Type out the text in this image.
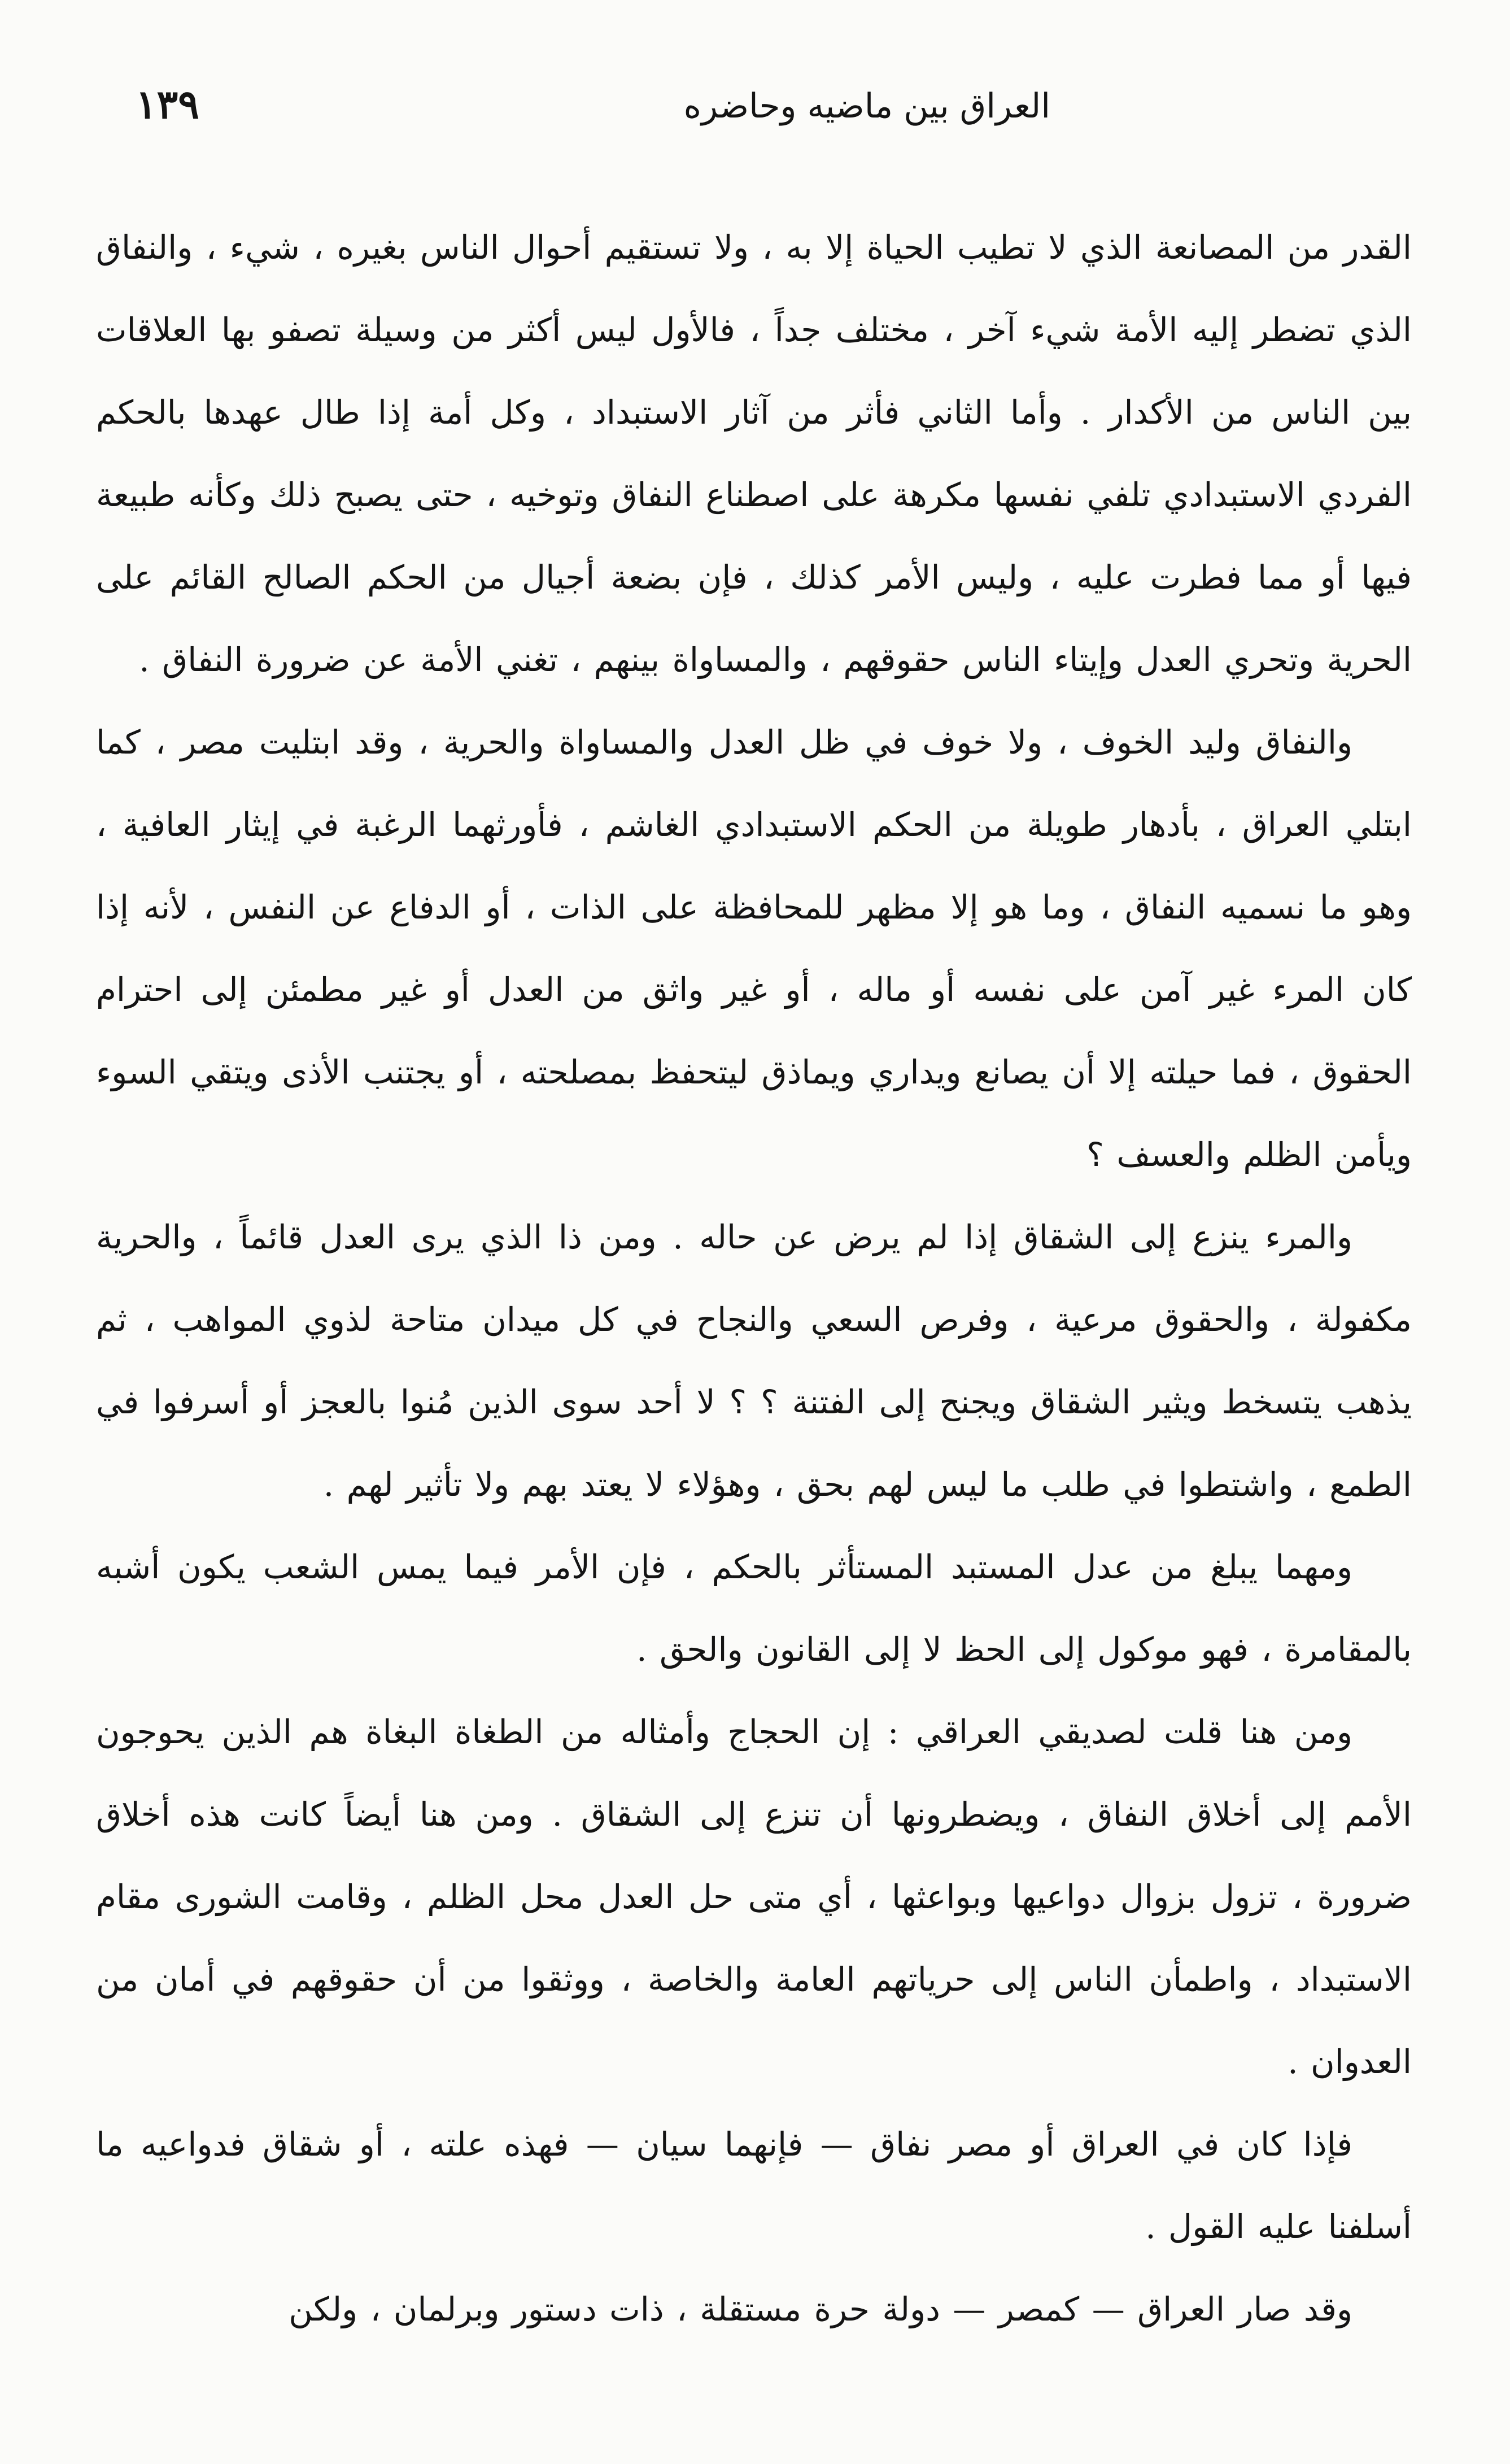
العراق بين ماضيه وحاضره
١٣٩

القدر من المصانعة الذي لا تطيب الحياة إلا به ، ولا تستقيم أحوال الناس بغيره ، شيء ، والنفاق الذي تضطر إليه الأمة شيء آخر ، مختلف جداً ، فالأول ليس أكثر من وسيلة تصفو بها العلاقات بين الناس من الأكدار . وأما الثاني فأثر من آثار الاستبداد ، وكل أمة إذا طال عهدها بالحكم الفردي الاستبدادي تلفي نفسها مكرهة على اصطناع النفاق وتوخيه ، حتى يصبح ذلك وكأنه طبيعة فيها أو مما فطرت عليه ، وليس الأمر كذلك ، فإن بضعة أجيال من الحكم الصالح القائم على الحرية وتحري العدل وإيتاء الناس حقوقهم ، والمساواة بينهم ، تغني الأمة عن ضرورة النفاق .

والنفاق وليد الخوف ، ولا خوف في ظل العدل والمساواة والحرية ، وقد ابتليت مصر ، كما ابتلي العراق ، بأدهار طويلة من الحكم الاستبدادي الغاشم ، فأورثهما الرغبة في إيثار العافية ، وهو ما نسميه النفاق ، وما هو إلا مظهر للمحافظة على الذات ، أو الدفاع عن النفس ، لأنه إذا كان المرء غير آمن على نفسه أو ماله ، أو غير واثق من العدل أو غير مطمئن إلى احترام الحقوق ، فما حيلته إلا أن يصانع ويداري ويماذق ليتحفظ بمصلحته ، أو يجتنب الأذى ويتقي السوء ويأمن الظلم والعسف ؟

والمرء ينزع إلى الشقاق إذا لم يرض عن حاله . ومن ذا الذي يرى العدل قائماً ، والحرية مكفولة ، والحقوق مرعية ، وفرص السعي والنجاح في كل ميدان متاحة لذوي المواهب ، ثم يذهب يتسخط ويثير الشقاق ويجنح إلى الفتنة ؟ ؟ لا أحد سوى الذين مُنوا بالعجز أو أسرفوا في الطمع ، واشتطوا في طلب ما ليس لهم بحق ، وهؤلاء لا يعتد بهم ولا تأثير لهم .

ومهما يبلغ من عدل المستبد المستأثر بالحكم ، فإن الأمر فيما يمس الشعب يكون أشبه بالمقامرة ، فهو موكول إلى الحظ لا إلى القانون والحق .

ومن هنا قلت لصديقي العراقي : إن الحجاج وأمثاله من الطغاة البغاة هم الذين يحوجون الأمم إلى أخلاق النفاق ، ويضطرونها أن تنزع إلى الشقاق . ومن هنا أيضاً كانت هذه أخلاق ضرورة ، تزول بزوال دواعيها وبواعثها ، أي متى حل العدل محل الظلم ، وقامت الشورى مقام الاستبداد ، واطمأن الناس إلى حرياتهم العامة والخاصة ، ووثقوا من أن حقوقهم في أمان من العدوان .

فإذا كان في العراق أو مصر نفاق — فإنهما سيان — فهذه علته ، أو شقاق فدواعيه ما أسلفنا عليه القول .

وقد صار العراق — كمصر — دولة حرة مستقلة ، ذات دستور وبرلمان ، ولكن
